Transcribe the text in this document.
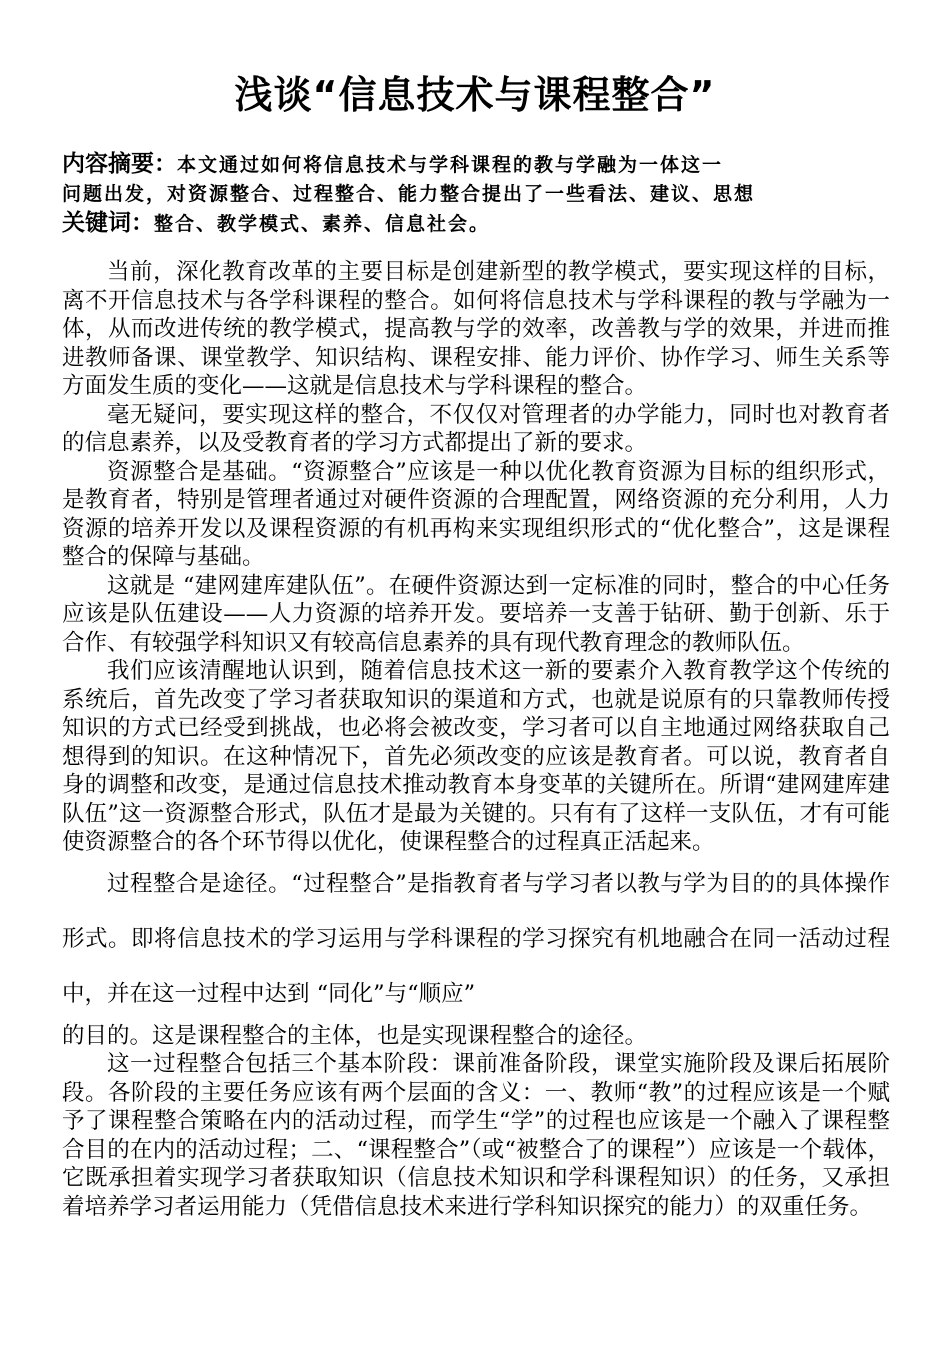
浅谈“信息技术与课程整合”
内容摘要：本文通过如何将信息技术与学科课程的教与学融为一体这一
问题出发，对资源整合、过程整合、能力整合提出了一些看法、建议、思想
关键词：整合、教学模式、素养、信息社会。

当前，深化教育改革的主要目标是创建新型的教学模式，要实现这样的目标，离不开信息技术与各学科课程的整合。如何将信息技术与学科课程的教与学融为一体，从而改进传统的教学模式，提高教与学的效率，改善教与学的效果，并进而推进教师备课、课堂教学、知识结构、课程安排、能力评价、协作学习、师生关系等方面发生质的变化——这就是信息技术与学科课程的整合。

毫无疑问，要实现这样的整合，不仅仅对管理者的办学能力，同时也对教育者的信息素养，以及受教育者的学习方式都提出了新的要求。

资源整合是基础。“资源整合”应该是一种以优化教育资源为目标的组织形式，是教育者，特别是管理者通过对硬件资源的合理配置，网络资源的充分利用，人力资源的培养开发以及课程资源的有机再构来实现组织形式的“优化整合”，这是课程整合的保障与基础。

这就是 “建网建库建队伍”。在硬件资源达到一定标准的同时，整合的中心任务应该是队伍建设——人力资源的培养开发。要培养一支善于钻研、勤于创新、乐于合作、有较强学科知识又有较高信息素养的具有现代教育理念的教师队伍。

我们应该清醒地认识到，随着信息技术这一新的要素介入教育教学这个传统的系统后，首先改变了学习者获取知识的渠道和方式，也就是说原有的只靠教师传授知识的方式已经受到挑战，也必将会被改变，学习者可以自主地通过网络获取自己想得到的知识。在这种情况下，首先必须改变的应该是教育者。可以说，教育者自身的调整和改变，是通过信息技术推动教育本身变革的关键所在。所谓“建网建库建队伍”这一资源整合形式，队伍才是最为关键的。只有有了这样一支队伍，才有可能使资源整合的各个环节得以优化，使课程整合的过程真正活起来。

过程整合是途径。“过程整合”是指教育者与学习者以教与学为目的的具体操作形式。即将信息技术的学习运用与学科课程的学习探究有机地融合在同一活动过程中，并在这一过程中达到 “同化”与“顺应”

的目的。这是课程整合的主体，也是实现课程整合的途径。

这一过程整合包括三个基本阶段：课前准备阶段，课堂实施阶段及课后拓展阶段。各阶段的主要任务应该有两个层面的含义：一、教师“教”的过程应该是一个赋予了课程整合策略在内的活动过程，而学生“学”的过程也应该是一个融入了课程整合目的在内的活动过程；二、“课程整合”（或“被整合了的课程”）应该是一个载体，它既承担着实现学习者获取知识（信息技术知识和学科课程知识）的任务，又承担着培养学习者运用能力（凭借信息技术来进行学科知识探究的能力）的双重任务。
